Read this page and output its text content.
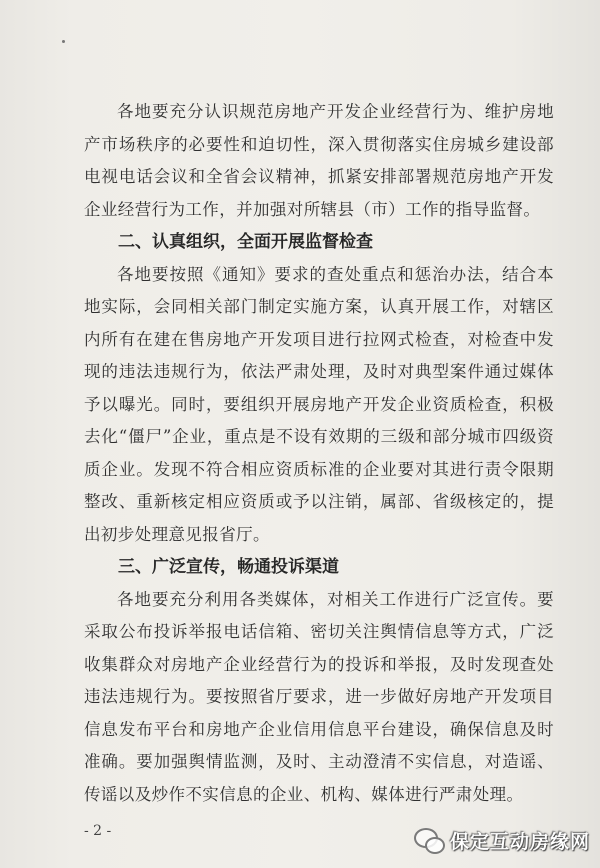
各地要充分认识规范房地产开发企业经营行为、维护房地产市场秩序的必要性和迫切性，深入贯彻落实住房城乡建设部电视电话会议和全省会议精神，抓紧安排部署规范房地产开发企业经营行为工作，并加强对所辖县（市）工作的指导监督。

二、认真组织，全面开展监督检查

各地要按照《通知》要求的查处重点和惩治办法，结合本地实际，会同相关部门制定实施方案，认真开展工作，对辖区内所有在建在售房地产开发项目进行拉网式检查，对检查中发现的违法违规行为，依法严肃处理，及时对典型案件通过媒体予以曝光。同时，要组织开展房地产开发企业资质检查，积极去化“僵尸”企业，重点是不设有效期的三级和部分城市四级资质企业。发现不符合相应资质标准的企业要对其进行责令限期整改、重新核定相应资质或予以注销，属部、省级核定的，提出初步处理意见报省厅。

三、广泛宣传，畅通投诉渠道

各地要充分利用各类媒体，对相关工作进行广泛宣传。要采取公布投诉举报电话信箱、密切关注舆情信息等方式，广泛收集群众对房地产企业经营行为的投诉和举报，及时发现查处违法违规行为。要按照省厅要求，进一步做好房地产开发项目信息发布平台和房地产企业信用信息平台建设，确保信息及时准确。要加强舆情监测，及时、主动澄清不实信息，对造谣、传谣以及炒作不实信息的企业、机构、媒体进行严肃处理。

- 2 -	保定互动房缘网
